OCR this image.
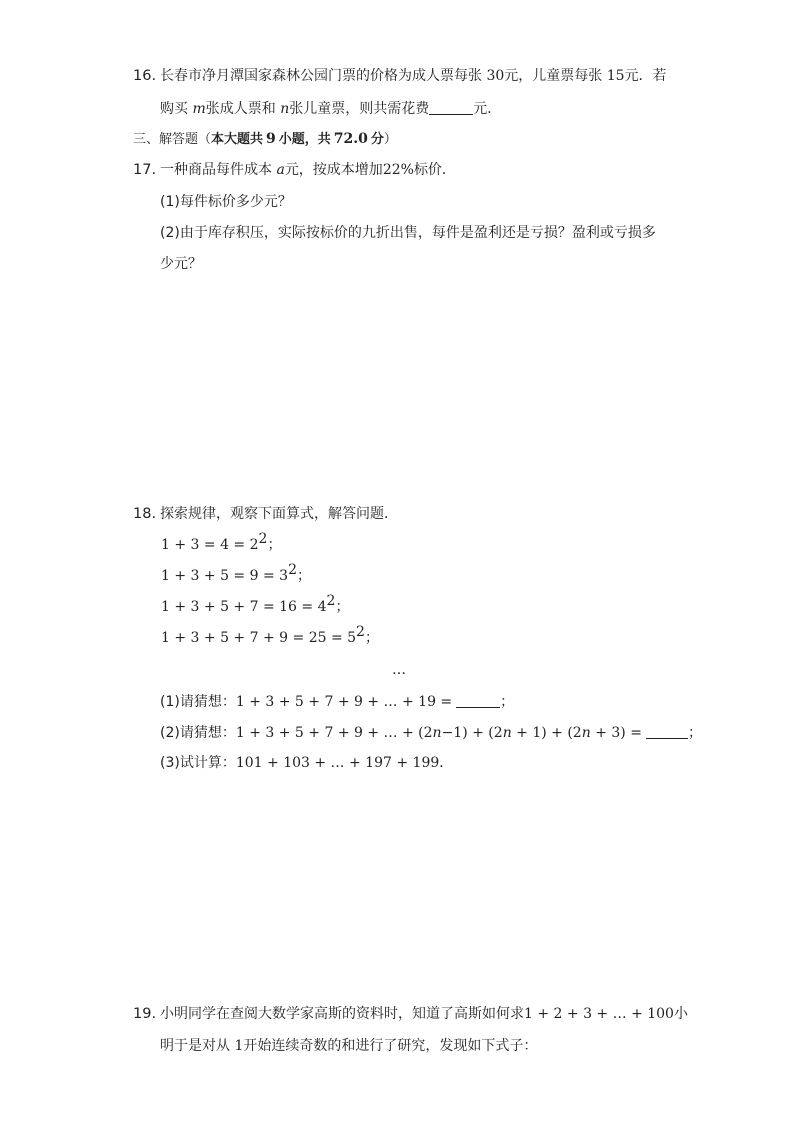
16. 长春市净月潭国家森林公园门票的价格为成人票每张 30元，儿童票每张 15元．若
购买 m张成人票和 n张儿童票，则共需花费	元．
三、解答题（本大题共 9 小题，共 72.0 分）
17. 一种商品每件成本 a元，按成本增加22%标价．
(1)每件标价多少元？
(2)由于库存积压，实际按标价的九折出售，每件是盈利还是亏损？盈利或亏损多
少元？
18. 探索规律，观察下面算式，解答问题．
$1 + 3 = 4 = 2^2$；
$1 + 3 + 5 = 9 = 3^2$；
$1 + 3 + 5 + 7 = 16 = 4^2$；
$1 + 3 + 5 + 7 + 9 = 25 = 5^2$；
…
(1)请猜想：1 + 3 + 5 + 7 + 9 + … + 19 =	；
(2)请猜想：1 + 3 + 5 + 7 + 9 + … + (2n−1) + (2n + 1) + (2n + 3) =	；
(3)试计算：101 + 103 + … + 197 + 199．
19. 小明同学在查阅大数学家高斯的资料时，知道了高斯如何求1 + 2 + 3 + … + 100小
明于是对从 1开始连续奇数的和进行了研究，发现如下式子：
